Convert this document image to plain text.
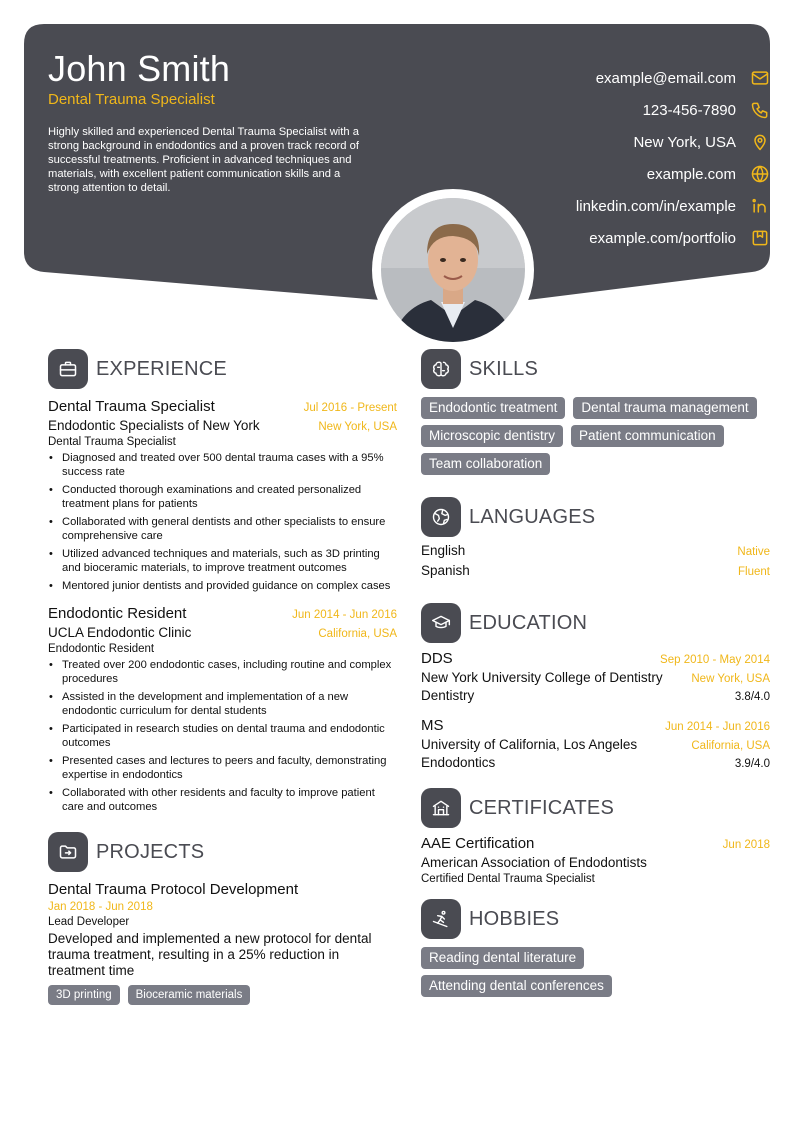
John Smith
Dental Trauma Specialist
Highly skilled and experienced Dental Trauma Specialist with a strong background in endodontics and a proven track record of successful treatments. Proficient in advanced techniques and materials, with excellent patient communication skills and a strong attention to detail.
example@email.com
123-456-7890
New York, USA
example.com
linkedin.com/in/example
example.com/portfolio
EXPERIENCE
Dental Trauma Specialist	Jul 2016 - Present
Endodontic Specialists of New York	New York, USA
Dental Trauma Specialist
• Diagnosed and treated over 500 dental trauma cases with a 95% success rate
• Conducted thorough examinations and created personalized treatment plans for patients
• Collaborated with general dentists and other specialists to ensure comprehensive care
• Utilized advanced techniques and materials, such as 3D printing and bioceramic materials, to improve treatment outcomes
• Mentored junior dentists and provided guidance on complex cases
Endodontic Resident	Jun 2014 - Jun 2016
UCLA Endodontic Clinic	California, USA
Endodontic Resident
• Treated over 200 endodontic cases, including routine and complex procedures
• Assisted in the development and implementation of a new endodontic curriculum for dental students
• Participated in research studies on dental trauma and endodontic outcomes
• Presented cases and lectures to peers and faculty, demonstrating expertise in endodontics
• Collaborated with other residents and faculty to improve patient care and outcomes
PROJECTS
Dental Trauma Protocol Development
Jan 2018 - Jun 2018
Lead Developer
Developed and implemented a new protocol for dental trauma treatment, resulting in a 25% reduction in treatment time
3D printing	Bioceramic materials
SKILLS
Endodontic treatment	Dental trauma management
Microscopic dentistry	Patient communication
Team collaboration
LANGUAGES
English	Native
Spanish	Fluent
EDUCATION
DDS	Sep 2010 - May 2014
New York University College of Dentistry	New York, USA
Dentistry	3.8/4.0
MS	Jun 2014 - Jun 2016
University of California, Los Angeles	California, USA
Endodontics	3.9/4.0
CERTIFICATES
AAE Certification	Jun 2018
American Association of Endodontists
Certified Dental Trauma Specialist
HOBBIES
Reading dental literature
Attending dental conferences
